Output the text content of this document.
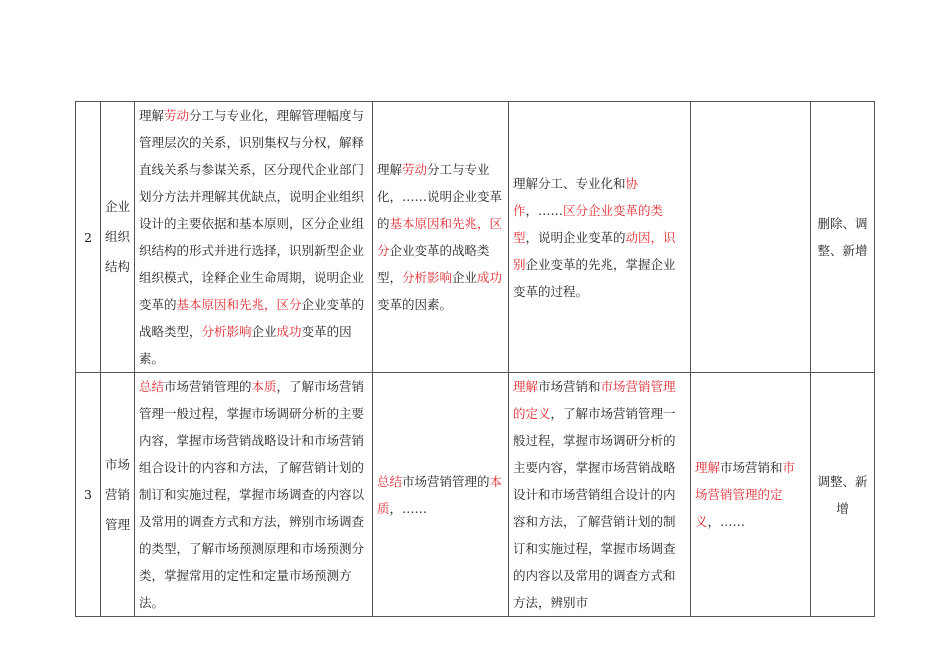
2	企业组织结构	理解劳动分工与专业化，理解管理幅度与管理层次的关系，识别集权与分权，解释直线关系与参谋关系，区分现代企业部门划分方法并理解其优缺点，说明企业组织设计的主要依据和基本原则，区分企业组织结构的形式并进行选择，识别新型企业组织模式，诠释企业生命周期，说明企业变革的基本原因和先兆，区分企业变革的战略类型，分析影响企业成功变革的因素。	理解劳动分工与专业化，……说明企业变革的基本原因和先兆，区分企业变革的战略类型，分析影响企业成功变革的因素。	理解分工、专业化和协作，……区分企业变革的类型，说明企业变革的动因，识别企业变革的先兆，掌握企业变革的过程。		删除、调整、新增
3	市场营销管理	总结市场营销管理的本质，了解市场营销管理一般过程，掌握市场调研分析的主要内容，掌握市场营销战略设计和市场营销组合设计的内容和方法，了解营销计划的制订和实施过程，掌握市场调查的内容以及常用的调查方式和方法，辨别市场调查的类型，了解市场预测原理和市场预测分类，掌握常用的定性和定量市场预测方法。	总结市场营销管理的本质，……	理解市场营销和市场营销管理的定义，了解市场营销管理一般过程，掌握市场调研分析的主要内容，掌握市场营销战略设计和市场营销组合设计的内容和方法，了解营销计划的制订和实施过程，掌握市场调查的内容以及常用的调查方式和方法，辨别市	理解市场营销和市场营销管理的定义，……	调整、新增
